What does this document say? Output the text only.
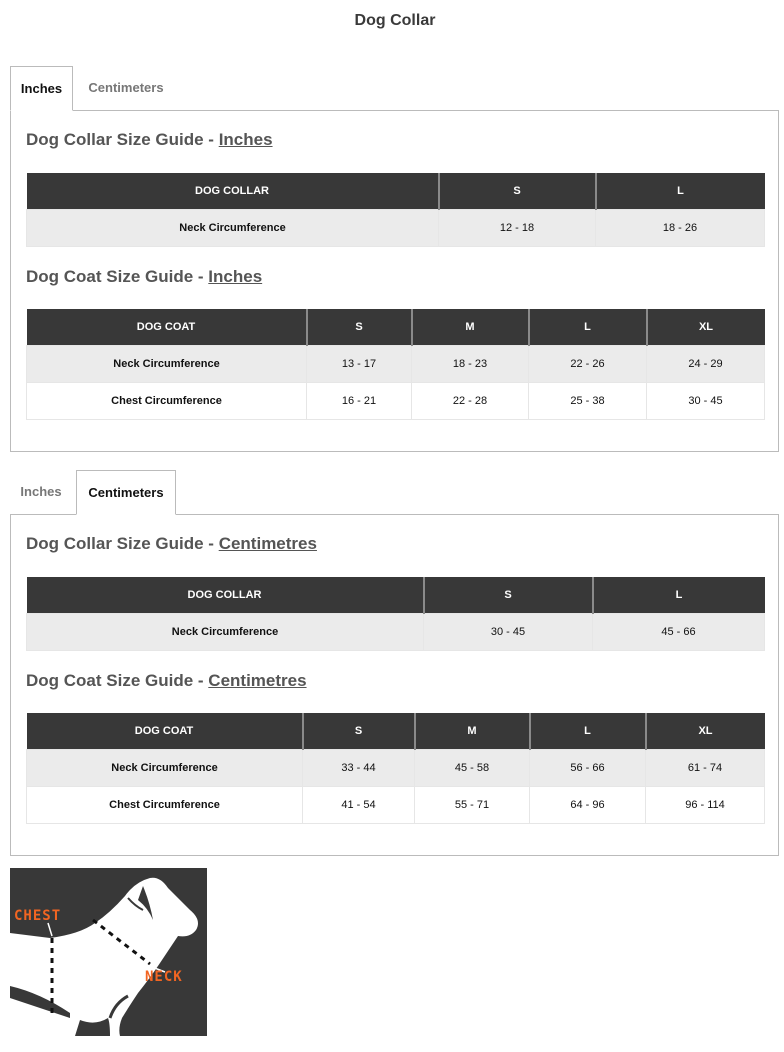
Dog Collar
Inches	Centimeters
Dog Collar Size Guide - Inches
DOG COLLAR	S	L
Neck Circumference	12 - 18	18 - 26
Dog Coat Size Guide - Inches
DOG COAT	S	M	L	XL
Neck Circumference	13 - 17	18 - 23	22 - 26	24 - 29
Chest Circumference	16 - 21	22 - 28	25 - 38	30 - 45
Inches	Centimeters
Dog Collar Size Guide - Centimetres
DOG COLLAR	S	L
Neck Circumference	30 - 45	45 - 66
Dog Coat Size Guide - Centimetres
DOG COAT	S	M	L	XL
Neck Circumference	33 - 44	45 - 58	56 - 66	61 - 74
Chest Circumference	41 - 54	55 - 71	64 - 96	96 - 114
CHEST
NECK
